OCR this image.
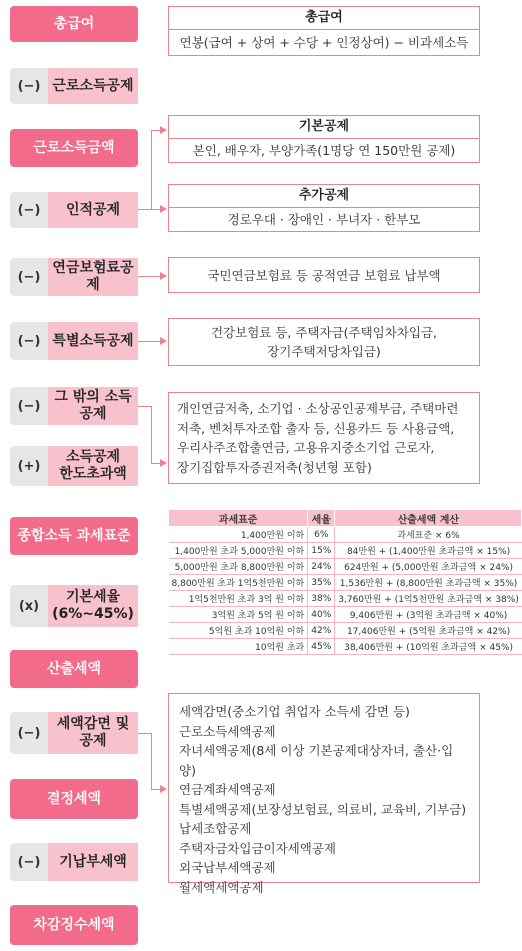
총급여
(−) 근로소득공제
근로소득금액
(−)	인적공제
(−)
연금보험료공제
(−) 특별소득공제
(−)
그 밖의 소득공제
(+)
소득공제
한도초과액
종합소득 과세표준
(x)
기본세율
(6%∼45%)
산출세액
(−)
세액감면 및
공제
결정세액
(−)	기납부세액
차감징수세액
총급여
연봉(급여 + 상여 + 수당 + 인정상여) − 비과세소득
기본공제
본인, 배우자, 부양가족(1명당 연 150만원 공제)
추가공제
경로우대 · 장애인 · 부녀자 · 한부모
국민연금보험료 등 공적연금 보험료 납부액
건강보험료 등, 주택자금(주택임차차입금,
장기주택저당차입금)
개인연금저축, 소기업 · 소상공인공제부금, 주택마련
저축, 벤처투자조합 출자 등, 신용카드 등 사용금액,
우리사주조합출연금, 고용유지중소기업 근로자,
장기집합투자증권저축(청년형 포함)
과세표준	세율	산출세액 계산
1,400만원 이하	6%	과세표준 × 6%
1,400만원 초과 5,000만원 이하	15%	84만원 + (1,400만원 초과금액 × 15%)
5,000만원 초과 8,800만원 이하	24%	624만원 + (5,000만원 초과금액 × 24%)
8,800만원 초과 1억5천만원 이하	35%	1,536만원 + (8,800만원 초과금액 × 35%)
1억5천만원 초과 3억 원 이하	38%	3,760만원 + (1억5천만원 초과금액 × 38%)
3억원 초과 5억 원 이하	40%	9,406만원 + (3억원 초과금액 × 40%)
5억원 초과 10억원 이하	42%	17,406만원 + (5억원 초과금액 × 42%)
10억원 초과	45%	38,406만원 + (10억원 초과금액 × 45%)
세액감면(중소기업 취업자 소득세 감면 등)
근로소득세액공제
자녀세액공제(8세 이상 기본공제대상자녀, 출산·입양)
연금계좌세액공제
특별세액공제(보장성보험료, 의료비, 교육비, 기부금)
납세조합공제
주택자금차입금이자세액공제
외국납부세액공제
월세액세액공제
